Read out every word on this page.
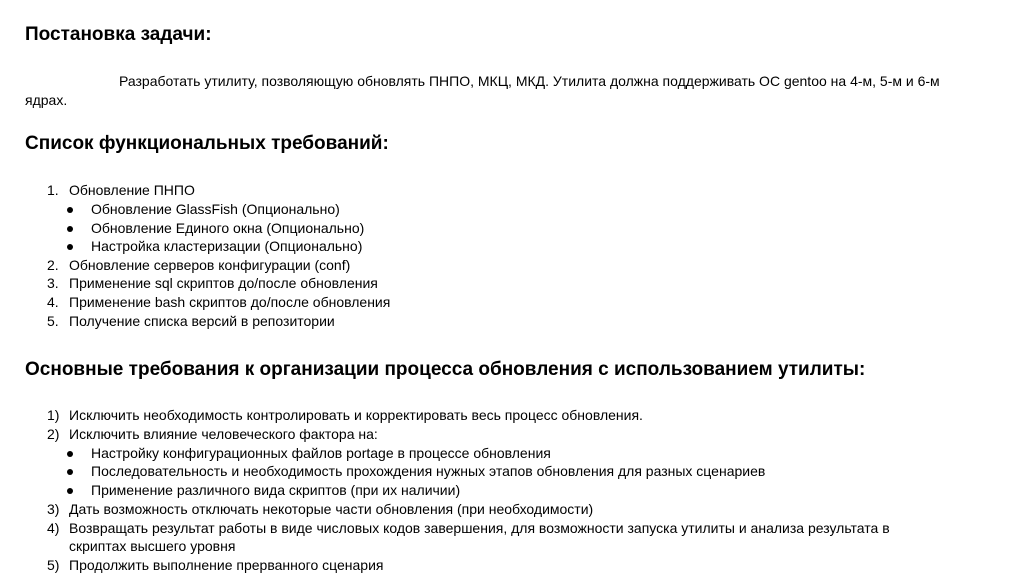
Постановка задачи:

Разработать утилиту, позволяющую обновлять ПНПО, МКЦ, МКД. Утилита должна поддерживать ОС gentoo на 4-м, 5-м и 6-м ядрах.

Список функциональных требований:
1. Обновление ПНПО
Обновление GlassFish (Опционально)
Обновление Единого окна (Опционально)
Настройка кластеризации (Опционально)
2. Обновление серверов конфигурации (conf)
3. Применение sql скриптов до/после обновления
4. Применение bash скриптов до/после обновления
5. Получение списка версий в репозитории
Основные требования к организации процесса обновления с использованием утилиты:
1) Исключить необходимость контролировать и корректировать весь процесс обновления.
2) Исключить влияние человеческого фактора на:
Настройку конфигурационных файлов portage в процессе обновления
Последовательность и необходимость прохождения нужных этапов обновления для разных сценариев
Применение различного вида скриптов (при их наличии)
3) Дать возможность отключать некоторые части обновления (при необходимости)
4) Возвращать результат работы в виде числовых кодов завершения, для возможности запуска утилиты и анализа результата в
скриптах высшего уровня
5) Продолжить выполнение прерванного сценария
